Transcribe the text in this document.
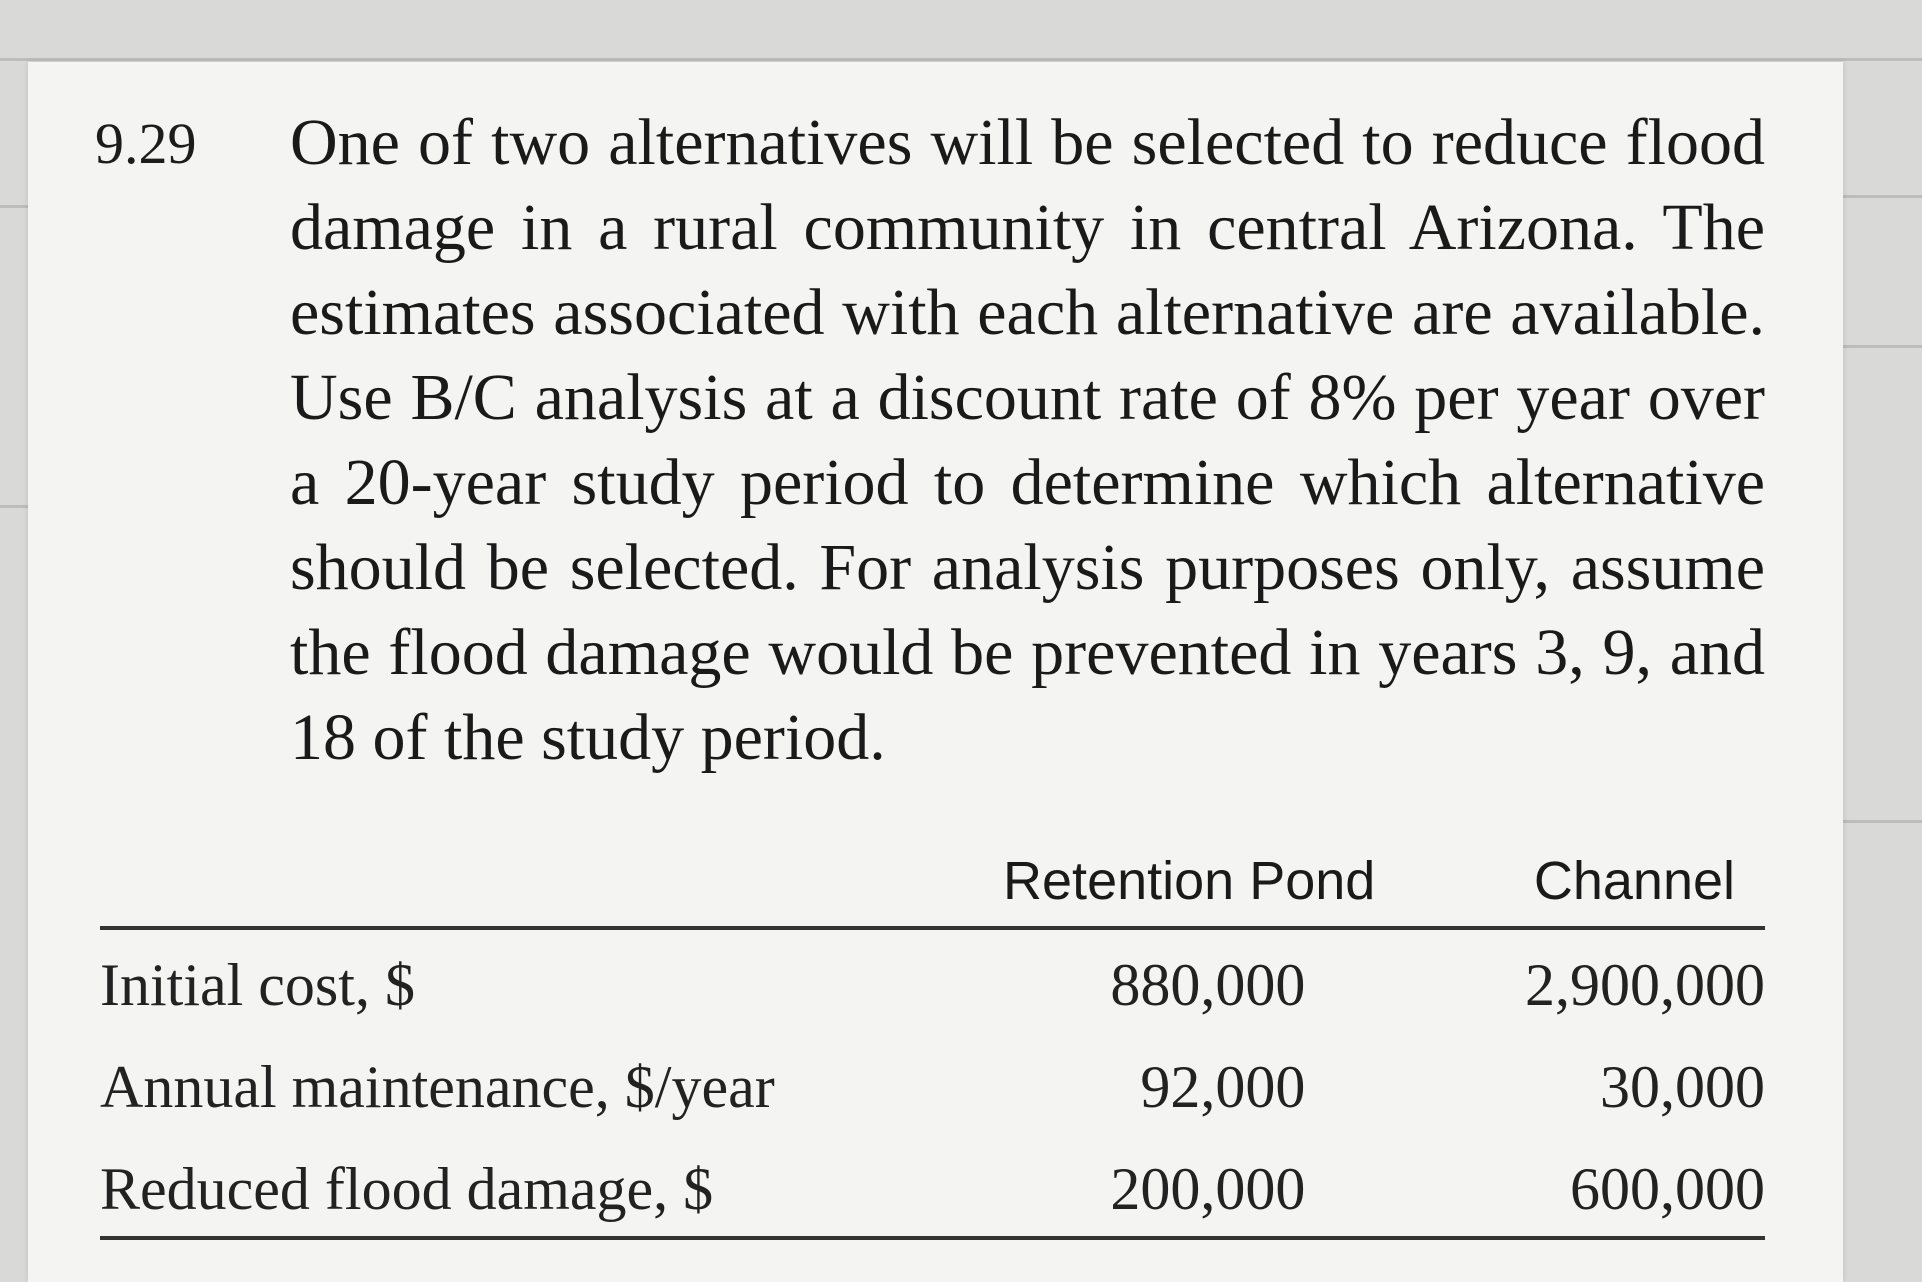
9.29 One of two alternatives will be selected to reduce flood damage in a rural community in central Arizona. The estimates associated with each alternative are available. Use B/C analysis at a discount rate of 8% per year over a 20-year study period to determine which alternative should be selected. For analysis purposes only, assume the flood damage would be prevented in years 3, 9, and 18 of the study period.

	Retention Pond	Channel
Initial cost, $	880,000	2,900,000
Annual maintenance, $/year	92,000	30,000
Reduced flood damage, $	200,000	600,000
